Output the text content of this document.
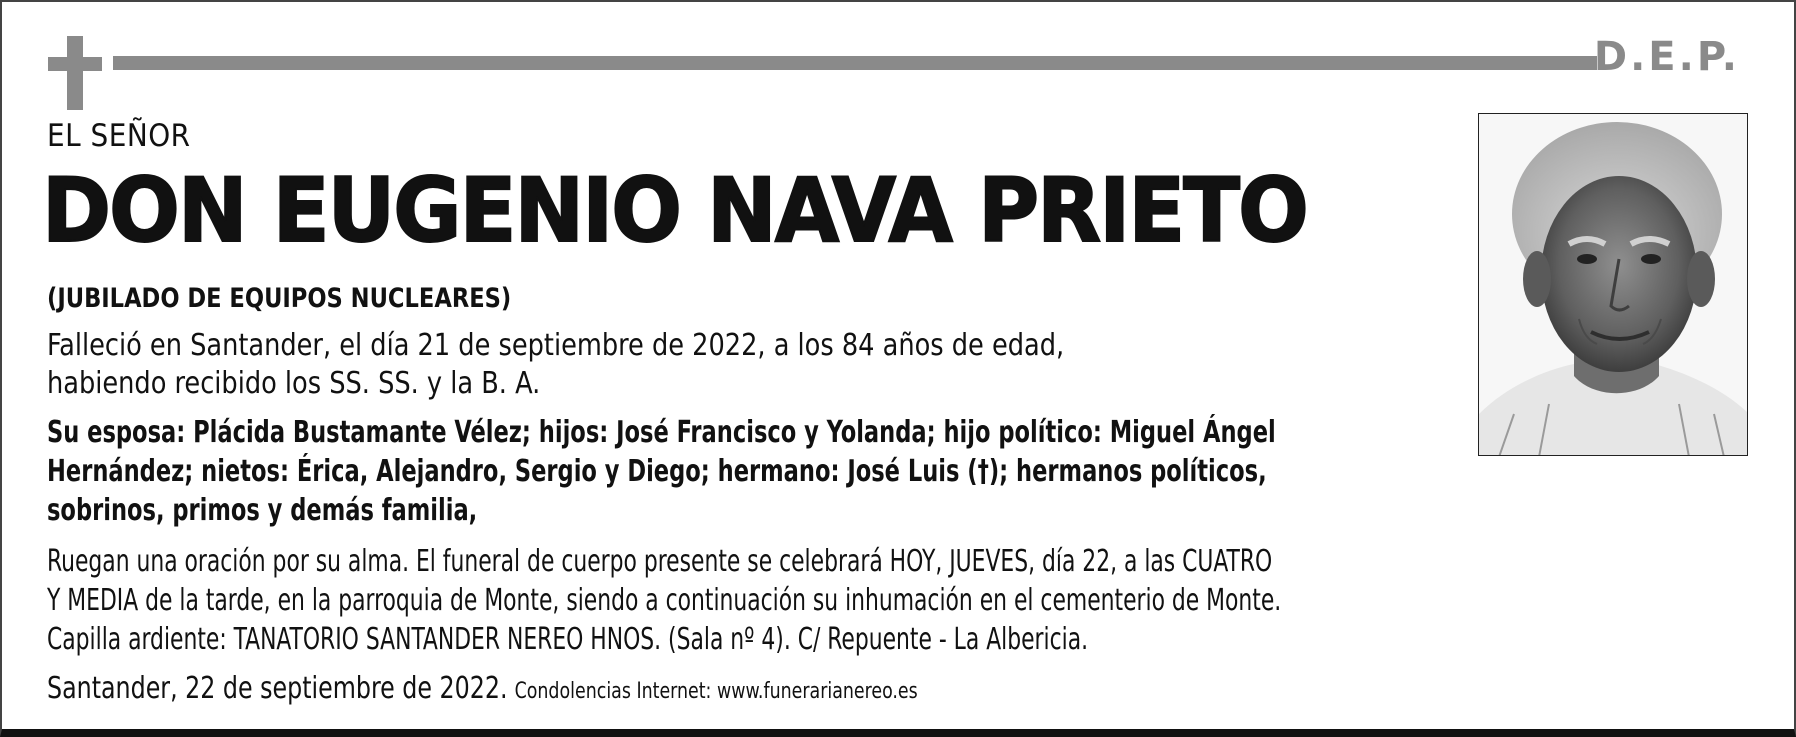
D.E.P.
EL SEÑOR
DON EUGENIO NAVA PRIETO
(JUBILADO DE EQUIPOS NUCLEARES)
Falleció en Santander, el día 21 de septiembre de 2022, a los 84 años de edad,
habiendo recibido los SS. SS. y la B. A.
Su esposa: Plácida Bustamante Vélez; hijos: José Francisco y Yolanda; hijo político: Miguel Ángel
Hernández; nietos: Érica, Alejandro, Sergio y Diego; hermano: José Luis (†); hermanos políticos,
sobrinos, primos y demás familia,
Ruegan una oración por su alma. El funeral de cuerpo presente se celebrará HOY, JUEVES, día 22, a las CUATRO
Y MEDIA de la tarde, en la parroquia de Monte, siendo a continuación su inhumación en el cementerio de Monte.
Capilla ardiente: TANATORIO SANTANDER NEREO HNOS. (Sala nº 4). C/ Repuente - La Albericia.
Santander, 22 de septiembre de 2022. Condolencias Internet: www.funerarianereo.es
